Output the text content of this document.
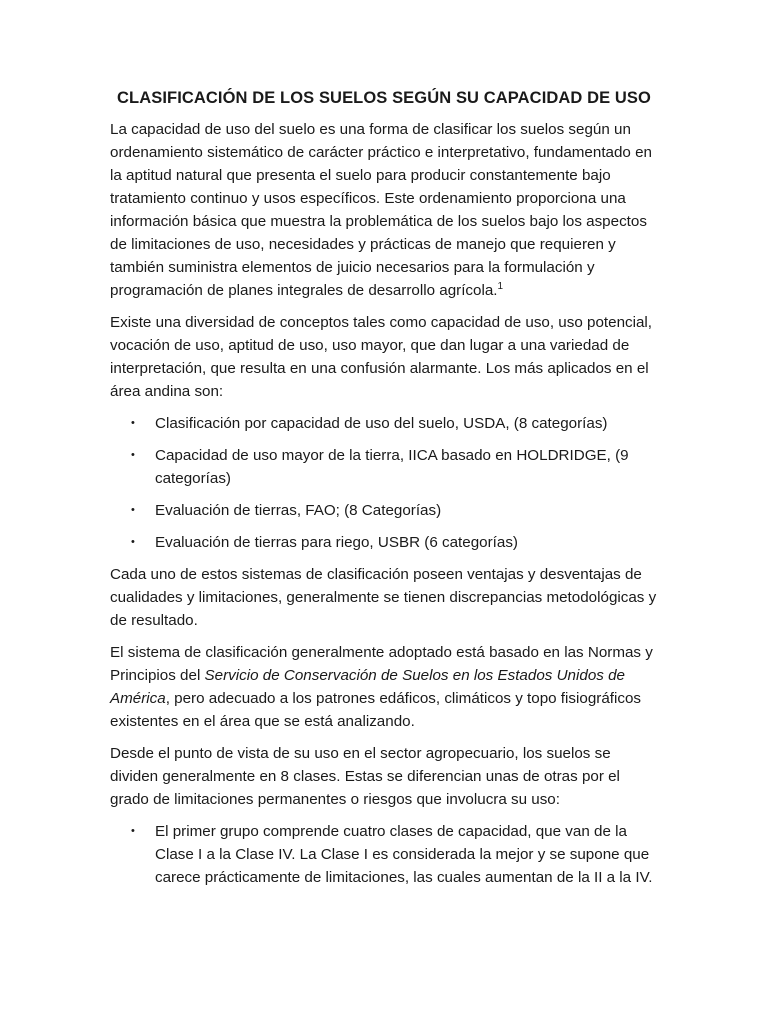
CLASIFICACIÓN DE LOS SUELOS SEGÚN SU CAPACIDAD DE USO

La capacidad de uso del suelo es una forma de clasificar los suelos según un ordenamiento sistemático de carácter práctico e interpretativo, fundamentado en la aptitud natural que presenta el suelo para producir constantemente bajo tratamiento continuo y usos específicos. Este ordenamiento proporciona una información básica que muestra la problemática de los suelos bajo los aspectos de limitaciones de uso, necesidades y prácticas de manejo que requieren y también suministra elementos de juicio necesarios para la formulación y programación de planes integrales de desarrollo agrícola.$^1$

Existe una diversidad de conceptos tales como capacidad de uso, uso potencial, vocación de uso, aptitud de uso, uso mayor, que dan lugar a una variedad de interpretación, que resulta en una confusión alarmante. Los más aplicados en el área andina son:

• Clasificación por capacidad de uso del suelo, USDA, (8 categorías)
• Capacidad de uso mayor de la tierra, IICA basado en HOLDRIDGE, (9 categorías)
• Evaluación de tierras, FAO; (8 Categorías)
• Evaluación de tierras para riego, USBR (6 categorías)

Cada uno de estos sistemas de clasificación poseen ventajas y desventajas de cualidades y limitaciones, generalmente se tienen discrepancias metodológicas y de resultado.

El sistema de clasificación generalmente adoptado está basado en las Normas y Principios del Servicio de Conservación de Suelos en los Estados Unidos de América, pero adecuado a los patrones edáficos, climáticos y topo fisiográficos existentes en el área que se está analizando.

Desde el punto de vista de su uso en el sector agropecuario, los suelos se dividen generalmente en 8 clases. Estas se diferencian unas de otras por el grado de limitaciones permanentes o riesgos que involucra su uso:

• El primer grupo comprende cuatro clases de capacidad, que van de la Clase I a la Clase IV. La Clase I es considerada la mejor y se supone que carece prácticamente de limitaciones, las cuales aumentan de la II a la IV.
